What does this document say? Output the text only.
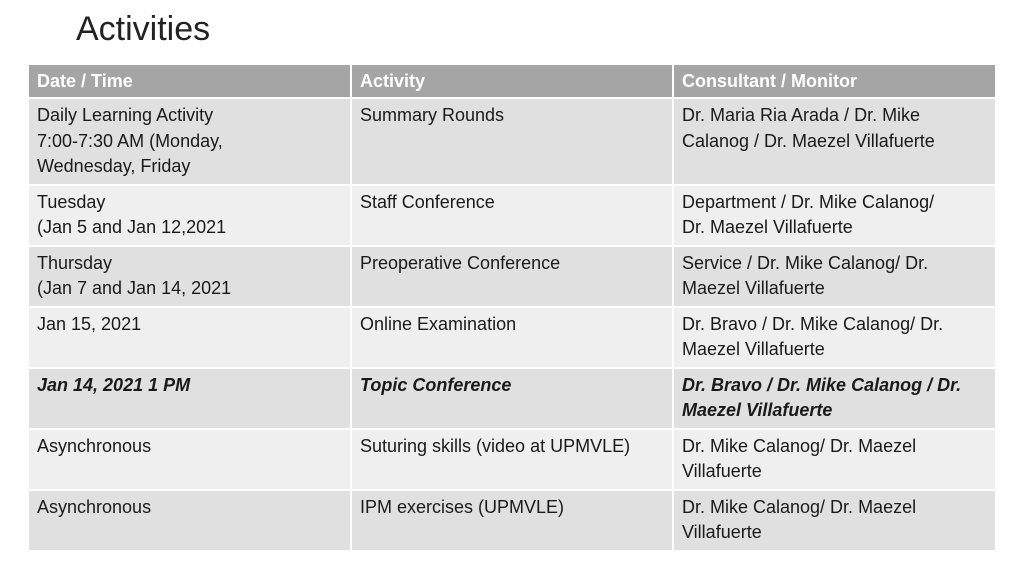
Activities
Date / Time	Activity	Consultant / Monitor

Daily Learning Activity
7:00-7:30 AM (Monday,
Wednesday, Friday	Summary Rounds	Dr. Maria Ria Arada / Dr. Mike
Calanog / Dr. Maezel Villafuerte

Tuesday
(Jan 5 and Jan 12,2021	Staff Conference	Department / Dr. Mike Calanog/
Dr. Maezel Villafuerte

Thursday
(Jan 7 and Jan 14, 2021	Preoperative Conference	Service / Dr. Mike Calanog/ Dr.
Maezel Villafuerte

Jan 15, 2021	Online Examination	Dr. Bravo / Dr. Mike Calanog/ Dr.
Maezel Villafuerte

Jan 14, 2021 1 PM	Topic Conference	Dr. Bravo / Dr. Mike Calanog / Dr.
Maezel Villafuerte

Asynchronous	Suturing skills (video at UPMVLE)	Dr. Mike Calanog/ Dr. Maezel
Villafuerte

Asynchronous	IPM exercises (UPMVLE)	Dr. Mike Calanog/ Dr. Maezel
Villafuerte
